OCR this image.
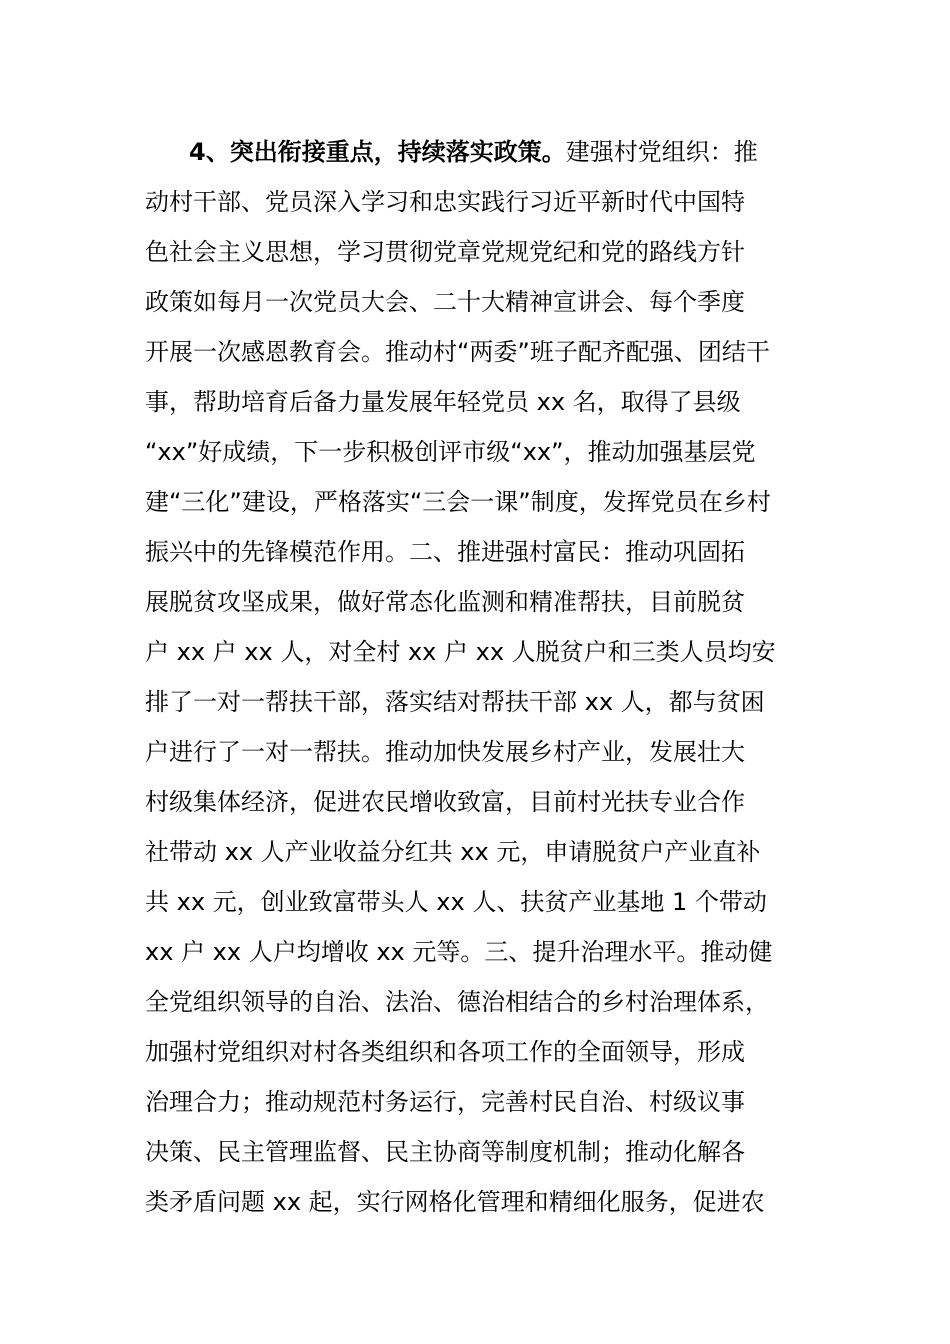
4、突出衔接重点，持续落实政策。建强村党组织：推
动村干部、党员深入学习和忠实践行习近平新时代中国特
色社会主义思想，学习贯彻党章党规党纪和党的路线方针
政策如每月一次党员大会、二十大精神宣讲会、每个季度
开展一次感恩教育会。推动村“两委”班子配齐配强、团结干
事，帮助培育后备力量发展年轻党员 xx 名，取得了县级
“xx”好成绩，下一步积极创评市级“xx”，推动加强基层党
建“三化”建设，严格落实“三会一课”制度，发挥党员在乡村
振兴中的先锋模范作用。二、推进强村富民：推动巩固拓
展脱贫攻坚成果，做好常态化监测和精准帮扶，目前脱贫
户 xx 户 xx 人，对全村 xx 户 xx 人脱贫户和三类人员均安
排了一对一帮扶干部，落实结对帮扶干部 xx 人，都与贫困
户进行了一对一帮扶。推动加快发展乡村产业，发展壮大
村级集体经济，促进农民增收致富，目前村光扶专业合作
社带动 xx 人产业收益分红共 xx 元，申请脱贫户产业直补
共 xx 元，创业致富带头人 xx 人、扶贫产业基地 1 个带动
xx 户 xx 人户均增收 xx 元等。三、提升治理水平。推动健
全党组织领导的自治、法治、德治相结合的乡村治理体系，
加强村党组织对村各类组织和各项工作的全面领导，形成
治理合力；推动规范村务运行，完善村民自治、村级议事
决策、民主管理监督、民主协商等制度机制；推动化解各
类矛盾问题 xx 起，实行网格化管理和精细化服务，促进农
